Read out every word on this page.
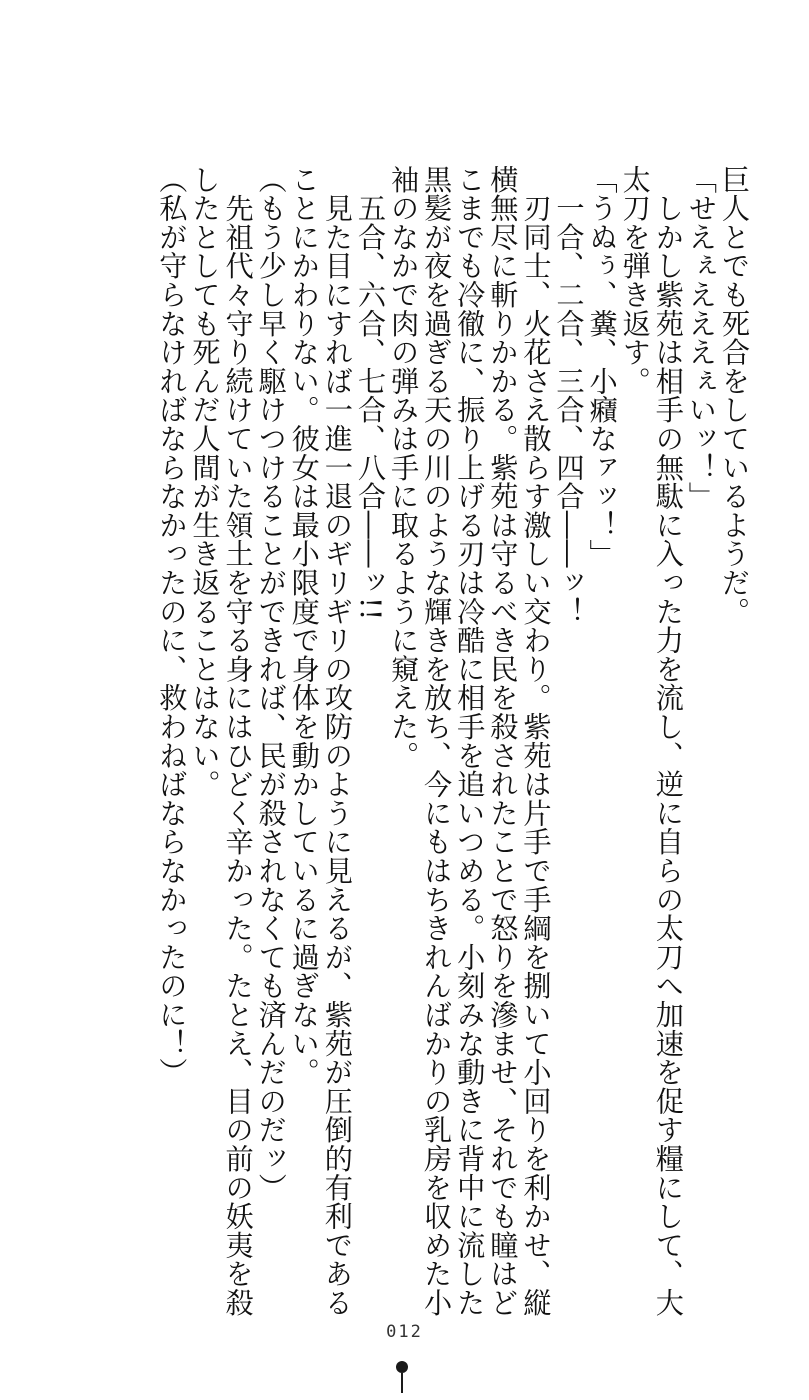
巨人とでも死合をしているようだ。
「せえぇえええぇいッ！」
　しかし紫苑は相手の無駄に入った力を流し、逆に自らの太刀へ加速を促す糧にして、大
太刀を弾き返す。
「うぬぅ、糞、小癪なァッ！」
　一合、二合、三合、四合――ッ！
　刃同士、火花さえ散らす激しい交わり。紫苑は片手で手綱を捌いて小回りを利かせ、縦
横無尽に斬りかかる。紫苑は守るべき民を殺されたことで怒りを滲ませ、それでも瞳はど
こまでも冷徹に、振り上げる刃は冷酷に相手を追いつめる。小刻みな動きに背中に流した
黒髪が夜を過ぎる天の川のような輝きを放ち、今にもはちきれんばかりの乳房を収めた小
袖のなかで肉の弾みは手に取るように窺えた。
　五合、六合、七合、八合――ッ!!
　見た目にすれば一進一退のギリギリの攻防のように見えるが、紫苑が圧倒的有利である
ことにかわりない。彼女は最小限度で身体を動かしているに過ぎない。
（もう少し早く駆けつけることができれば、民が殺されなくても済んだのだッ）
　先祖代々守り続けていた領土を守る身にはひどく辛かった。たとえ、目の前の妖夷を殺
したとしても死んだ人間が生き返ることはない。
（私が守らなければならなかったのに、救わねばならなかったのに！）
012
